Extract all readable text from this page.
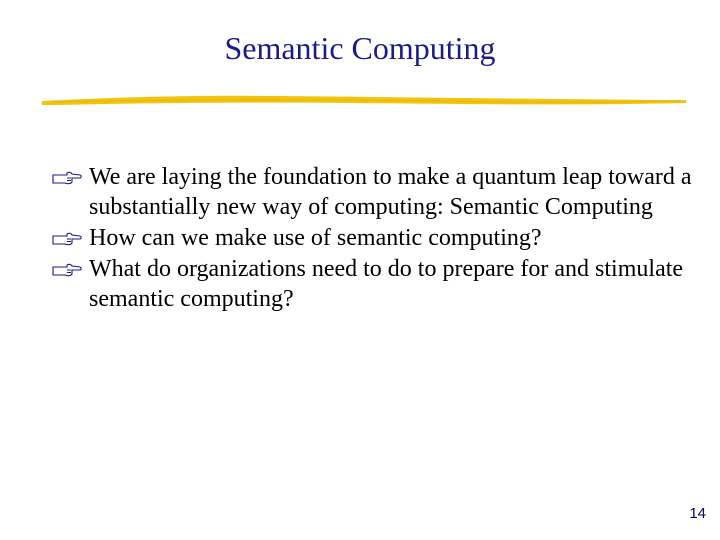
Semantic Computing
We are laying the foundation to make a quantum leap toward a substantially new way of computing: Semantic Computing
How can we make use of semantic computing?
What do organizations need to do to prepare for and stimulate semantic computing?
14
